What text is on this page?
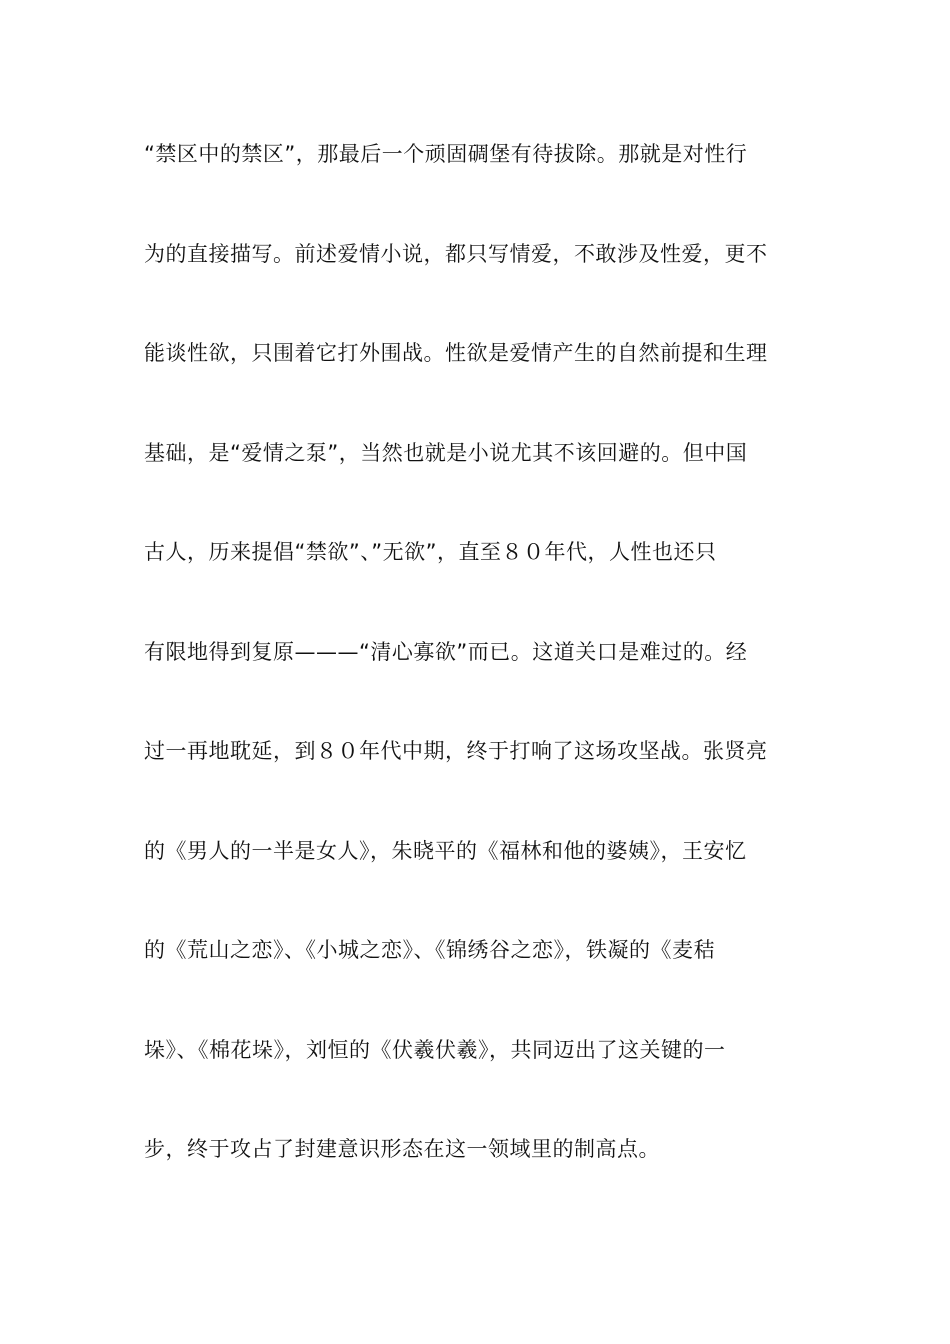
“禁区中的禁区”，那最后一个顽固碉堡有待拔除。那就是对性行
为的直接描写。前述爱情小说，都只写情爱，不敢涉及性爱，更不
能谈性欲，只围着它打外围战。性欲是爱情产生的自然前提和生理
基础，是“爱情之泵”，当然也就是小说尤其不该回避的。但中国
古人，历来提倡“禁欲”、”无欲”，直至８０年代，人性也还只
有限地得到复原———“清心寡欲”而已。这道关口是难过的。经
过一再地耽延，到８０年代中期，终于打响了这场攻坚战。张贤亮
的《男人的一半是女人》，朱晓平的《福林和他的婆姨》，王安忆
的《荒山之恋》、《小城之恋》、《锦绣谷之恋》，铁凝的《麦秸
垛》、《棉花垛》，刘恒的《伏羲伏羲》，共同迈出了这关键的一
步，终于攻占了封建意识形态在这一领域里的制高点。
